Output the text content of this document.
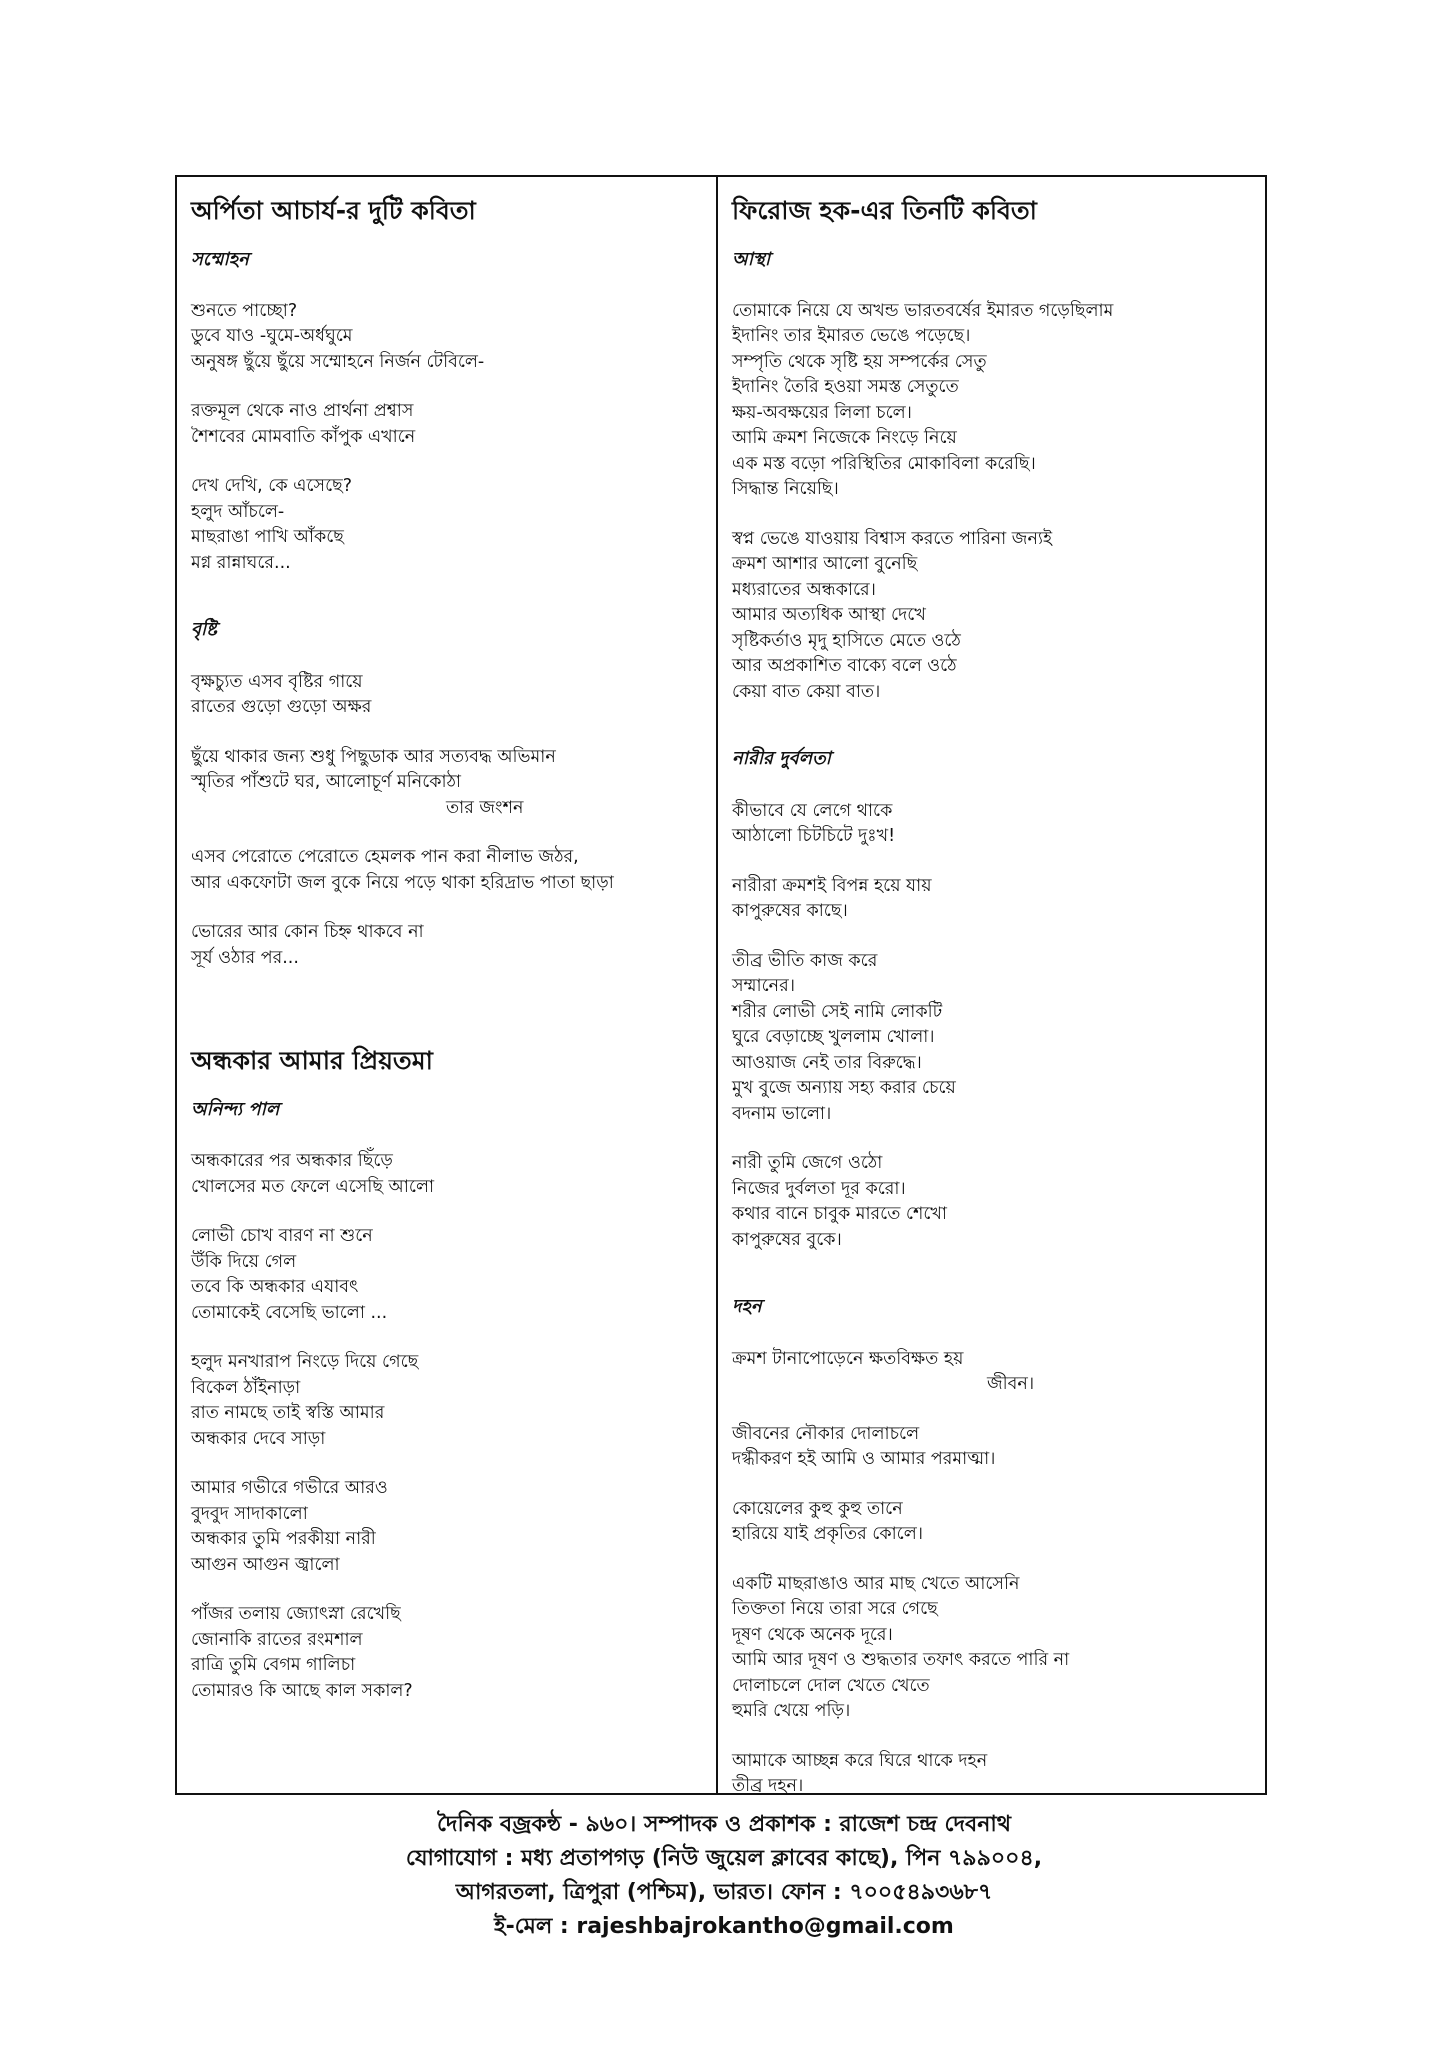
অর্পিতা আচার্য-র দুটি কবিতা
সম্মোহন
শুনতে পাচ্ছো?
ডুবে যাও -ঘুমে-অর্ধঘুমে
অনুষঙ্গ ছুঁয়ে ছুঁয়ে সম্মোহনে নির্জন টেবিলে-
রক্তমূল থেকে নাও প্রার্থনা প্রশ্বাস
শৈশবের মোমবাতি কাঁপুক এখানে
দেখ দেখি, কে এসেছে?
হলুদ আঁচলে-
মাছরাঙা পাখি আঁকছে
মগ্ন রান্নাঘরে...
বৃষ্টি
বৃক্ষচ্যুত এসব বৃষ্টির গায়ে
রাতের গুড়ো গুড়ো অক্ষর
ছুঁয়ে থাকার জন্য শুধু পিছুডাক আর সত্যবদ্ধ অভিমান
স্মৃতির পাঁশুটে ঘর, আলোচূর্ণ মনিকোঠা
তার জংশন
এসব পেরোতে পেরোতে হেমলক পান করা নীলাভ জঠর,
আর একফোটা জল বুকে নিয়ে পড়ে থাকা হরিদ্রাভ পাতা ছাড়া
ভোরের আর কোন চিহ্ন থাকবে না
সূর্য ওঠার পর...
অন্ধকার আমার প্রিয়তমা
অনিন্দ্য পাল
অন্ধকারের পর অন্ধকার ছিঁড়ে
খোলসের মত ফেলে এসেছি আলো
লোভী চোখ বারণ না শুনে
উঁকি দিয়ে গেল
তবে কি অন্ধকার এযাবৎ
তোমাকেই বেসেছি ভালো ...
হলুদ মনখারাপ নিংড়ে দিয়ে গেছে
বিকেল ঠাঁইনাড়া
রাত নামছে তাই স্বস্তি আমার
অন্ধকার দেবে সাড়া
আমার গভীরে গভীরে আরও
বুদবুদ সাদাকালো
অন্ধকার তুমি পরকীয়া নারী
আগুন আগুন জ্বালো
পাঁজর তলায় জ্যোৎস্না রেখেছি
জোনাকি রাতের রংমশাল
রাত্রি তুমি বেগম গালিচা
তোমারও কি আছে কাল সকাল?
ফিরোজ হক-এর তিনটি কবিতা
আস্থা
তোমাকে নিয়ে যে অখন্ড ভারতবর্ষের ইমারত গড়েছিলাম
ইদানিং তার ইমারত ভেঙে পড়েছে।
সম্পৃতি থেকে সৃষ্টি হয় সম্পর্কের সেতু
ইদানিং তৈরি হওয়া সমস্ত সেতুতে
ক্ষয়-অবক্ষয়ের লিলা চলে।
আমি ক্রমশ নিজেকে নিংড়ে নিয়ে
এক মস্ত বড়ো পরিস্থিতির মোকাবিলা করেছি।
সিদ্ধান্ত নিয়েছি।
স্বপ্ন ভেঙে যাওয়ায় বিশ্বাস করতে পারিনা জন্যই
ক্রমশ আশার আলো বুনেছি
মধ্যরাতের অন্ধকারে।
আমার অত্যধিক আস্থা দেখে
সৃষ্টিকর্তাও মৃদু হাসিতে মেতে ওঠে
আর অপ্রকাশিত বাক্যে বলে ওঠে
কেয়া বাত কেয়া বাত।
নারীর দুর্বলতা
কীভাবে যে লেগে থাকে
আঠালো চিটচিটে দুঃখ!
নারীরা ক্রমশই বিপন্ন হয়ে যায়
কাপুরুষের কাছে।
তীব্র ভীতি কাজ করে
সম্মানের।
শরীর লোভী সেই নামি লোকটি
ঘুরে বেড়াচ্ছে খুললাম খোলা।
আওয়াজ নেই তার বিরুদ্ধে।
মুখ বুজে অন্যায় সহ্য করার চেয়ে
বদনাম ভালো।
নারী তুমি জেগে ওঠো
নিজের দুর্বলতা দূর করো।
কথার বানে চাবুক মারতে শেখো
কাপুরুষের বুকে।
দহন
ক্রমশ টানাপোড়েনে ক্ষতবিক্ষত হয়
জীবন।
জীবনের নৌকার দোলাচলে
দগ্ধীকরণ হই আমি ও আমার পরমাত্মা।
কোয়েলের কুহু কুহু তানে
হারিয়ে যাই প্রকৃতির কোলে।
একটি মাছরাঙাও আর মাছ খেতে আসেনি
তিক্ততা নিয়ে তারা সরে গেছে
দূষণ থেকে অনেক দূরে।
আমি আর দূষণ ও শুদ্ধতার তফাৎ করতে পারি না
দোলাচলে দোল খেতে খেতে
হুমরি খেয়ে পড়ি।
আমাকে আচ্ছন্ন করে ঘিরে থাকে দহন
তীব্র দহন।
দৈনিক বজ্রকন্ঠ - ৯৬০। সম্পাদক ও প্রকাশক : রাজেশ চন্দ্র দেবনাথ
যোগাযোগ : মধ্য প্রতাপগড় (নিউ জুয়েল ক্লাবের কাছে), পিন ৭৯৯০০৪,
আগরতলা, ত্রিপুরা (পশ্চিম), ভারত। ফোন : ৭০০৫৪৯৩৬৮৭
ই-মেল : rajeshbajrokantho@gmail.com
